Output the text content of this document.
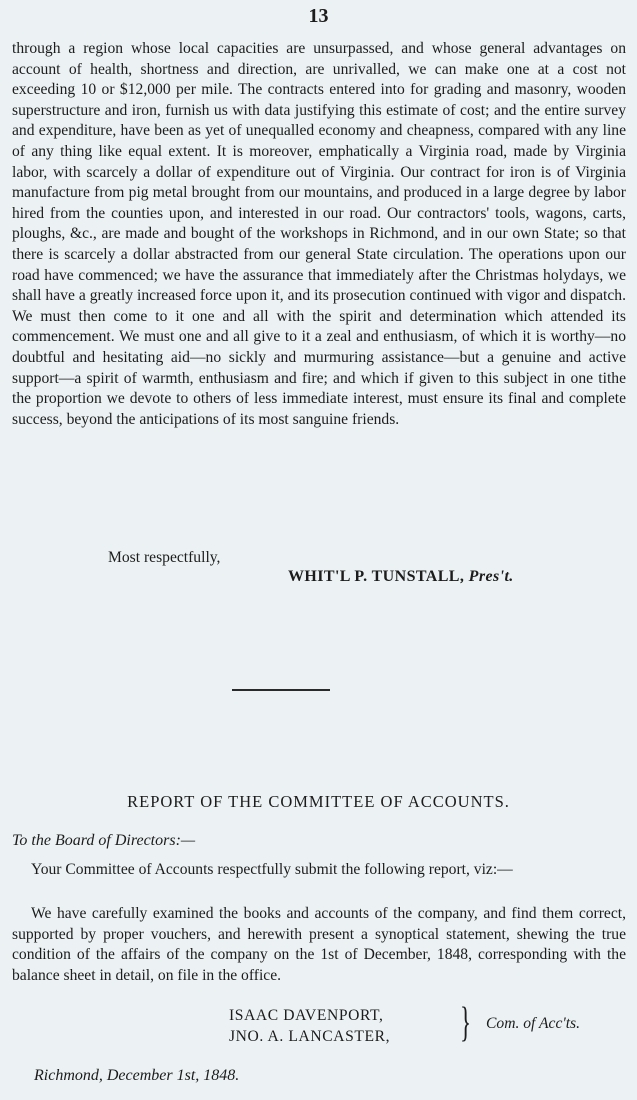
13

through a region whose local capacities are unsurpassed, and whose general advantages on account of health, shortness and direction, are unrivalled, we can make one at a cost not exceeding 10 or $12,000 per mile. The contracts entered into for grading and masonry, wooden superstructure and iron, furnish us with data justifying this estimate of cost; and the entire survey and expenditure, have been as yet of unequalled economy and cheapness, compared with any line of any thing like equal extent. It is moreover, emphatically a Virginia road, made by Virginia labor, with scarcely a dollar of expenditure out of Virginia. Our contract for iron is of Virginia manufacture from pig metal brought from our mountains, and produced in a large degree by labor hired from the counties upon, and interested in our road. Our contractors' tools, wagons, carts, ploughs, &c., are made and bought of the workshops in Richmond, and in our own State; so that there is scarcely a dollar abstracted from our general State circulation. The operations upon our road have commenced; we have the assurance that immediately after the Christmas holydays, we shall have a greatly increased force upon it, and its prosecution continued with vigor and dispatch. We must then come to it one and all with the spirit and determination which attended its commencement. We must one and all give to it a zeal and enthusiasm, of which it is worthy—no doubtful and hesitating aid—no sickly and murmuring assistance—but a genuine and active support—a spirit of warmth, enthusiasm and fire; and which if given to this subject in one tithe the proportion we devote to others of less immediate interest, must ensure its final and complete success, beyond the anticipations of its most sanguine friends.

Most respectfully,
WHIT'L P. TUNSTALL, Pres't.
REPORT OF THE COMMITTEE OF ACCOUNTS.
To the Board of Directors:—

Your Committee of Accounts respectfully submit the following report, viz:—

We have carefully examined the books and accounts of the company, and find them correct, supported by proper vouchers, and herewith present a synoptical statement, shewing the true condition of the affairs of the company on the 1st of December, 1848, corresponding with the balance sheet in detail, on file in the office.

ISAAC DAVENPORT,
JNO. A. LANCASTER, } Com. of Acc'ts.
Richmond, December 1st, 1848.
